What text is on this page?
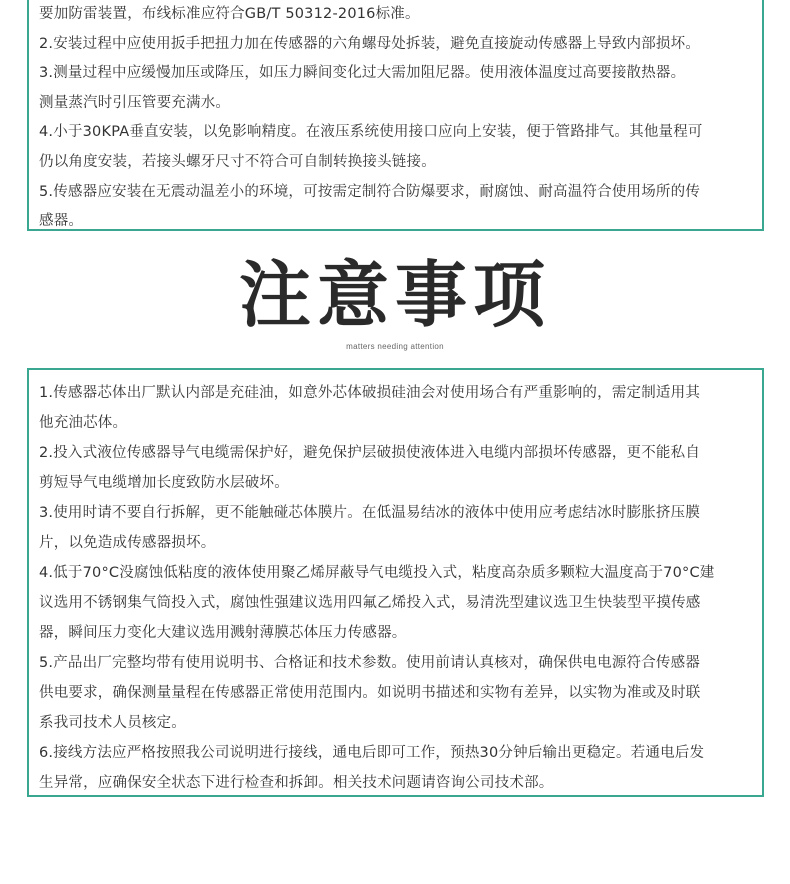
要加防雷装置，布线标准应符合GB/T 50312-2016标准。
2.安装过程中应使用扳手把扭力加在传感器的六角螺母处拆装，避免直接旋动传感器上导致内部损坏。
3.测量过程中应缓慢加压或降压，如压力瞬间变化过大需加阻尼器。使用液体温度过高要接散热器。
测量蒸汽时引压管要充满水。
4.小于30KPA垂直安装，以免影响精度。在液压系统使用接口应向上安装，便于管路排气。其他量程可
仍以角度安装，若接头螺牙尺寸不符合可自制转换接头链接。
5.传感器应安装在无震动温差小的环境，可按需定制符合防爆要求，耐腐蚀、耐高温符合使用场所的传
感器。
注意事项
matters needing attention
1.传感器芯体出厂默认内部是充硅油，如意外芯体破损硅油会对使用场合有严重影响的，需定制适用其
他充油芯体。
2.投入式液位传感器导气电缆需保护好，避免保护层破损使液体进入电缆内部损坏传感器，更不能私自
剪短导气电缆增加长度致防水层破坏。
3.使用时请不要自行拆解，更不能触碰芯体膜片。在低温易结冰的液体中使用应考虑结冰时膨胀挤压膜
片，以免造成传感器损坏。
4.低于70°C没腐蚀低粘度的液体使用聚乙烯屏蔽导气电缆投入式，粘度高杂质多颗粒大温度高于70°C建
议选用不锈钢集气筒投入式，腐蚀性强建议选用四氟乙烯投入式，易清洗型建议选卫生快装型平摸传感
器，瞬间压力变化大建议选用溅射薄膜芯体压力传感器。
5.产品出厂完整均带有使用说明书、合格证和技术参数。使用前请认真核对，确保供电电源符合传感器
供电要求，确保测量量程在传感器正常使用范围内。如说明书描述和实物有差异，以实物为准或及时联
系我司技术人员核定。
6.接线方法应严格按照我公司说明进行接线，通电后即可工作，预热30分钟后输出更稳定。若通电后发
生异常，应确保安全状态下进行检查和拆卸。相关技术问题请咨询公司技术部。
